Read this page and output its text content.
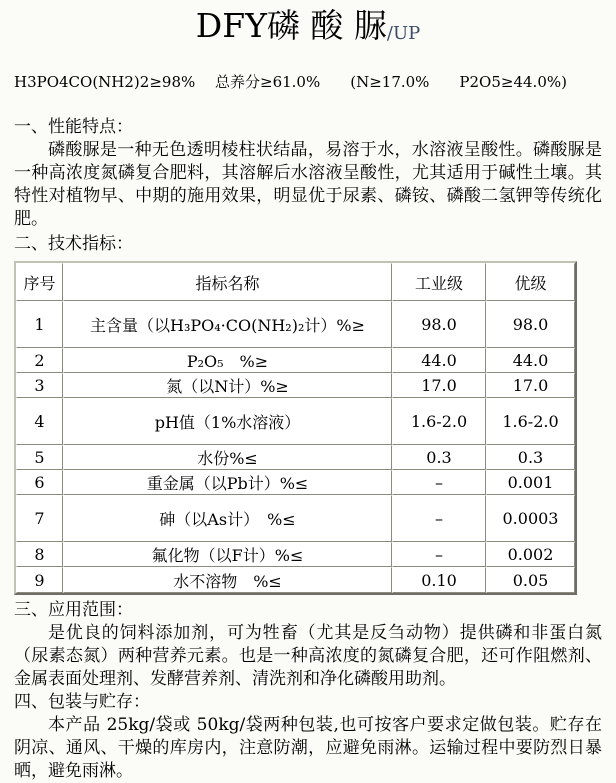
DFY磷 酸 脲/UP
H3PO4CO(NH2)2≥98%　 总养分≥61.0%　　(N≥17.0%　　P2O5≥44.0%)
一、性能特点：

磷酸脲是一种无色透明棱柱状结晶，易溶于水，水溶液呈酸性。磷酸脲是一种高浓度氮磷复合肥料，其溶解后水溶液呈酸性，尤其适用于碱性土壤。其特性对植物早、中期的施用效果，明显优于尿素、磷铵、磷酸二氢钾等传统化肥。

二、技术指标：
序号	指标名称	工业级	优级
1	主含量（以H₃PO₄·CO(NH₂)₂计）%≥	98.0	98.0
2	P₂O₅　%≥	44.0	44.0
3	氮（以N计）%≥	17.0	17.0
4	pH值（1%水溶液）	1.6-2.0	1.6-2.0
5	水份%≤	0.3	0.3
6	重金属（以Pb计）%≤	–	0.001
7	砷（以As计）　%≤	–	0.0003
8	氟化物（以F计）%≤	–	0.002
9	水不溶物　%≤	0.10	0.05
三、应用范围：

是优良的饲料添加剂，可为牲畜（尤其是反刍动物）提供磷和非蛋白氮（尿素态氮）两种营养元素。也是一种高浓度的氮磷复合肥，还可作阻燃剂、金属表面处理剂、发酵营养剂、清洗剂和净化磷酸用助剂。

四、包装与贮存：

本产品 25kg/袋或 50kg/袋两种包装,也可按客户要求定做包装。贮存在阴凉、通风、干燥的库房内，注意防潮，应避免雨淋。运输过程中要防烈日暴晒，避免雨淋。
